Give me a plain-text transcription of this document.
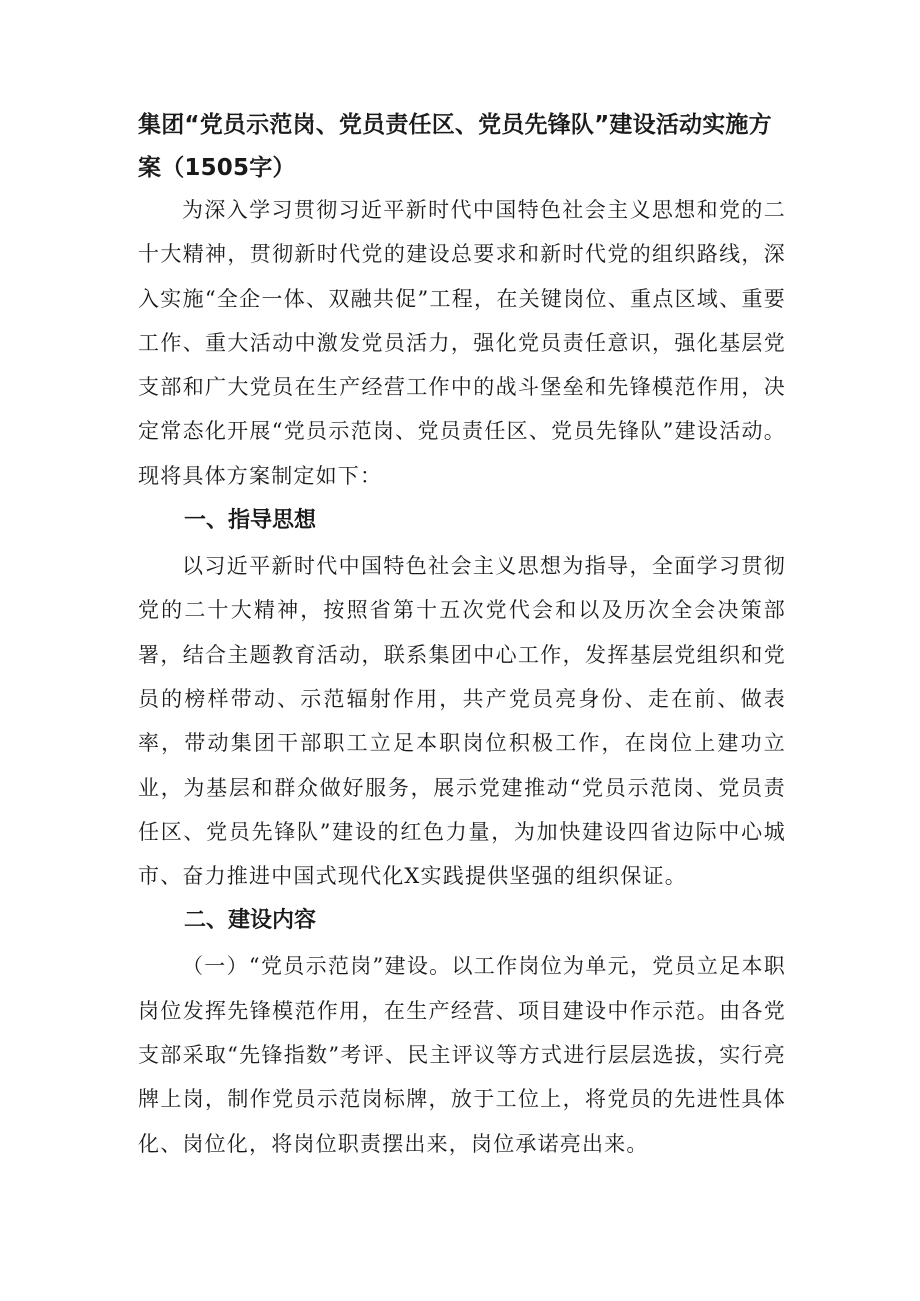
集团“党员示范岗、党员责任区、党员先锋队”建设活动实施方案（1505字）

为深入学习贯彻习近平新时代中国特色社会主义思想和党的二十大精神，贯彻新时代党的建设总要求和新时代党的组织路线，深入实施“全企一体、双融共促”工程，在关键岗位、重点区域、重要工作、重大活动中激发党员活力，强化党员责任意识，强化基层党支部和广大党员在生产经营工作中的战斗堡垒和先锋模范作用，决定常态化开展“党员示范岗、党员责任区、党员先锋队”建设活动。现将具体方案制定如下：

一、指导思想

以习近平新时代中国特色社会主义思想为指导，全面学习贯彻党的二十大精神，按照省第十五次党代会和以及历次全会决策部署，结合主题教育活动，联系集团中心工作，发挥基层党组织和党员的榜样带动、示范辐射作用，共产党员亮身份、走在前、做表率，带动集团干部职工立足本职岗位积极工作，在岗位上建功立业，为基层和群众做好服务，展示党建推动“党员示范岗、党员责任区、党员先锋队”建设的红色力量，为加快建设四省边际中心城市、奋力推进中国式现代化X实践提供坚强的组织保证。

二、建设内容

（一）“党员示范岗”建设。以工作岗位为单元，党员立足本职岗位发挥先锋模范作用，在生产经营、项目建设中作示范。由各党支部采取“先锋指数”考评、民主评议等方式进行层层选拔，实行亮牌上岗，制作党员示范岗标牌，放于工位上，将党员的先进性具体化、岗位化，将岗位职责摆出来，岗位承诺亮出来。
